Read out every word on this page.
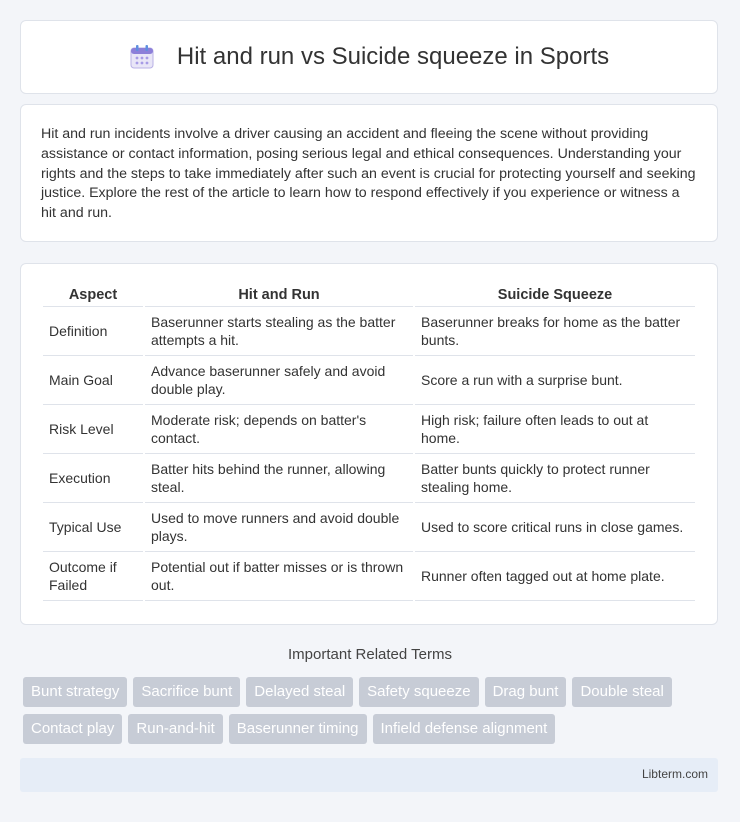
Hit and run vs Suicide squeeze in Sports

Hit and run incidents involve a driver causing an accident and fleeing the scene without providing assistance or contact information, posing serious legal and ethical consequences. Understanding your rights and the steps to take immediately after such an event is crucial for protecting yourself and seeking justice. Explore the rest of the article to learn how to respond effectively if you experience or witness a hit and run.

Aspect	Hit and Run	Suicide Squeeze
Definition	Baserunner starts stealing as the batter attempts a hit.	Baserunner breaks for home as the batter bunts.
Main Goal	Advance baserunner safely and avoid double play.	Score a run with a surprise bunt.
Risk Level	Moderate risk; depends on batter's contact.	High risk; failure often leads to out at home.
Execution	Batter hits behind the runner, allowing steal.	Batter bunts quickly to protect runner stealing home.
Typical Use	Used to move runners and avoid double plays.	Used to score critical runs in close games.
Outcome if Failed	Potential out if batter misses or is thrown out.	Runner often tagged out at home plate.
Important Related Terms
Bunt strategy	Sacrifice bunt	Delayed steal	Safety squeeze	Drag bunt	Double steal
Contact play	Run-and-hit	Baserunner timing	Infield defense alignment
Libterm.com
